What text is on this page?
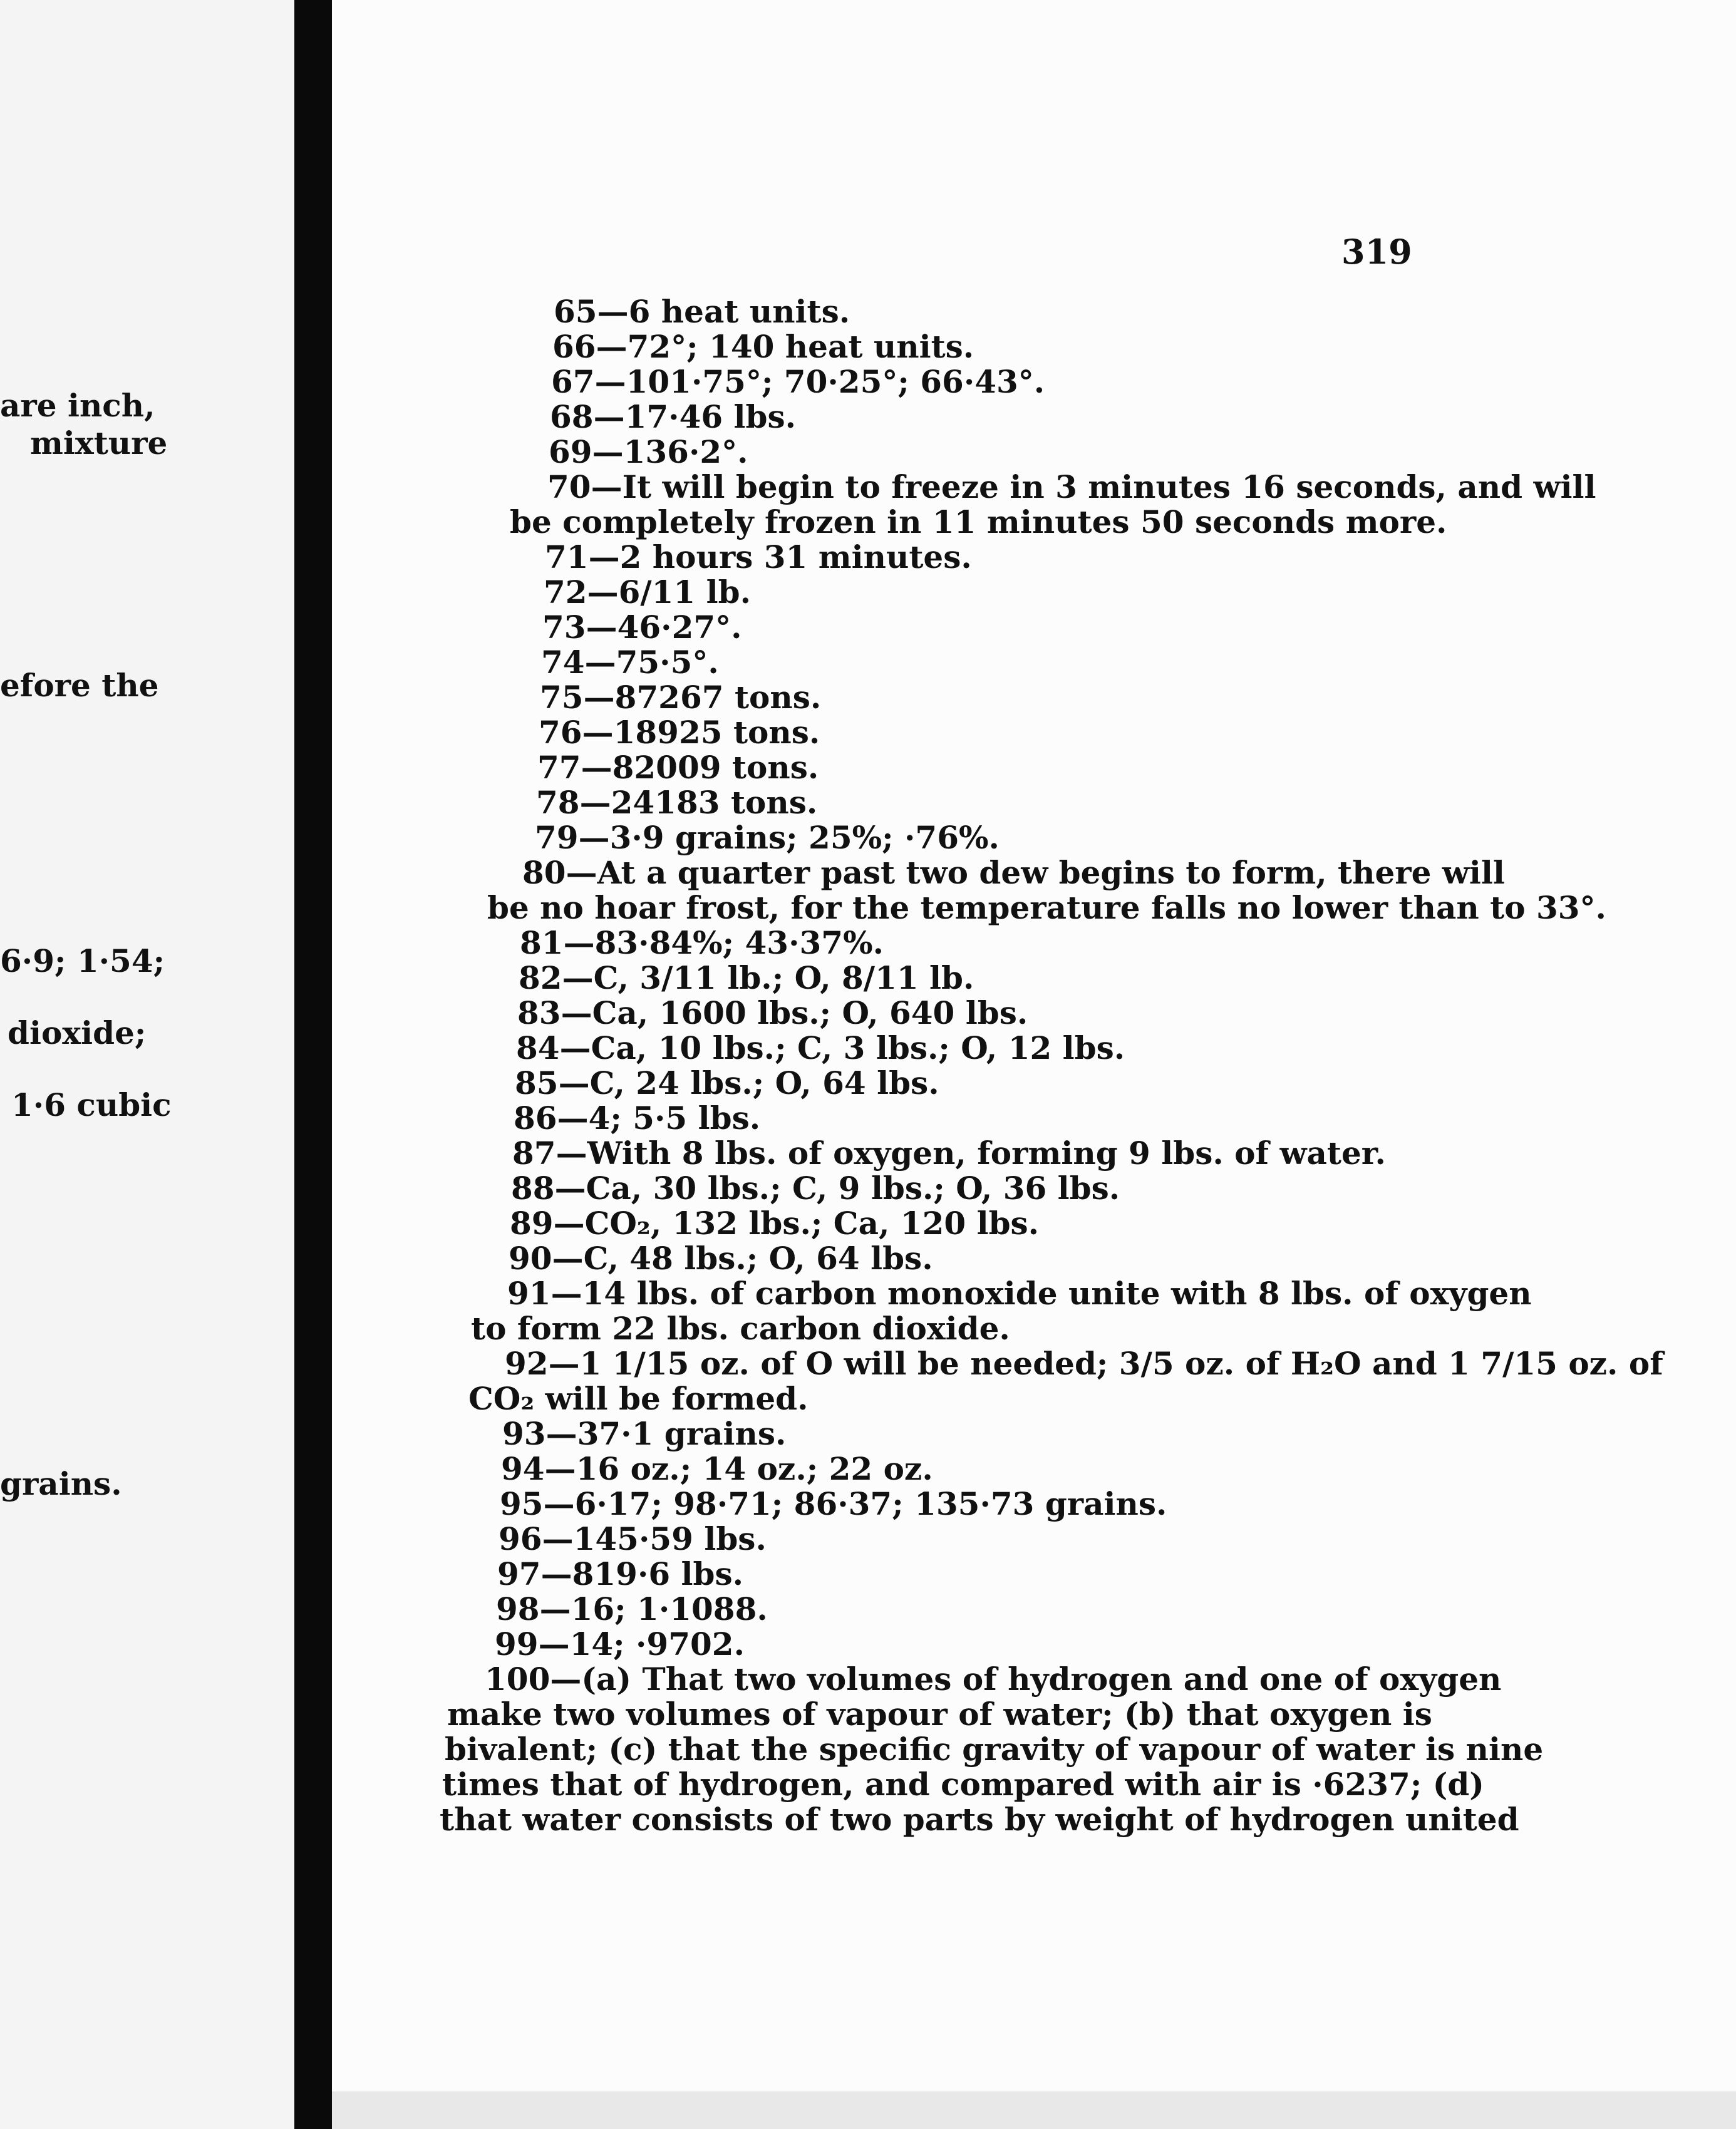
are inch,
mixture
efore the
6·9; 1·54;
dioxide;
1·6 cubic
grains.
319
65—6 heat units.
66—72°; 140 heat units.
67—101·75°; 70·25°; 66·43°.
68—17·46 lbs.
69—136·2°.
70—It will begin to freeze in 3 minutes 16 seconds, and will
be completely frozen in 11 minutes 50 seconds more.
71—2 hours 31 minutes.
72—6/11 lb.
73—46·27°.
74—75·5°.
75—87267 tons.
76—18925 tons.
77—82009 tons.
78—24183 tons.
79—3·9 grains; 25%; ·76%.
80—At a quarter past two dew begins to form, there will
be no hoar frost, for the temperature falls no lower than to 33°.
81—83·84%; 43·37%.
82—C, 3/11 lb.; O, 8/11 lb.
83—Ca, 1600 lbs.; O, 640 lbs.
84—Ca, 10 lbs.; C, 3 lbs.; O, 12 lbs.
85—C, 24 lbs.; O, 64 lbs.
86—4; 5·5 lbs.
87—With 8 lbs. of oxygen, forming 9 lbs. of water.
88—Ca, 30 lbs.; C, 9 lbs.; O, 36 lbs.
89—CO₂, 132 lbs.; Ca, 120 lbs.
90—C, 48 lbs.; O, 64 lbs.
91—14 lbs. of carbon monoxide unite with 8 lbs. of oxygen
to form 22 lbs. carbon dioxide.
92—1 1/15 oz. of O will be needed; 3/5 oz. of H₂O and 1 7/15 oz. of
CO₂ will be formed.
93—37·1 grains.
94—16 oz.; 14 oz.; 22 oz.
95—6·17; 98·71; 86·37; 135·73 grains.
96—145·59 lbs.
97—819·6 lbs.
98—16; 1·1088.
99—14; ·9702.
100—(a) That two volumes of hydrogen and one of oxygen
make two volumes of vapour of water; (b) that oxygen is
bivalent; (c) that the specific gravity of vapour of water is nine
times that of hydrogen, and compared with air is ·6237; (d)
that water consists of two parts by weight of hydrogen united
